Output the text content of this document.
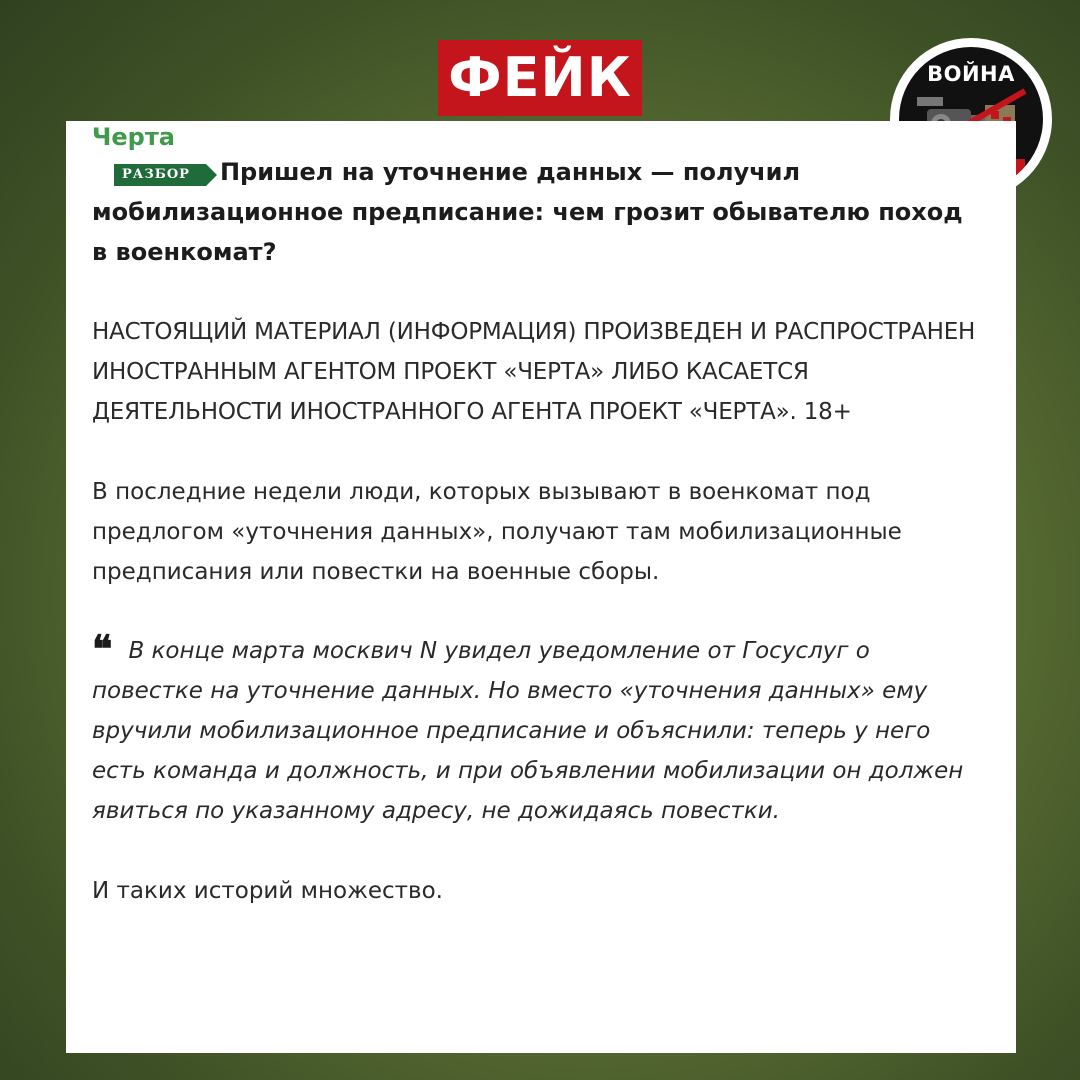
ФЕЙК	ВОЙНА
Черта
РАЗБОР Пришел на уточнение данных — получил мобилизационное предписание: чем грозит обывателю поход в военкомат?

НАСТОЯЩИЙ МАТЕРИАЛ (ИНФОРМАЦИЯ) ПРОИЗВЕДЕН И РАСПРОСТРАНЕН ИНОСТРАННЫМ АГЕНТОМ ПРОЕКТ «ЧЕРТА» ЛИБО КАСАЕТСЯ ДЕЯТЕЛЬНОСТИ ИНОСТРАННОГО АГЕНТА ПРОЕКТ «ЧЕРТА». 18+

В последние недели люди, которых вызывают в военкомат под предлогом «уточнения данных», получают там мобилизационные предписания или повестки на военные сборы.

❝ В конце марта москвич N увидел уведомление от Госуслуг о повестке на уточнение данных. Но вместо «уточнения данных» ему вручили мобилизационное предписание и объяснили: теперь у него есть команда и должность, и при объявлении мобилизации он должен явиться по указанному адресу, не дожидаясь повестки.

И таких историй множество.
